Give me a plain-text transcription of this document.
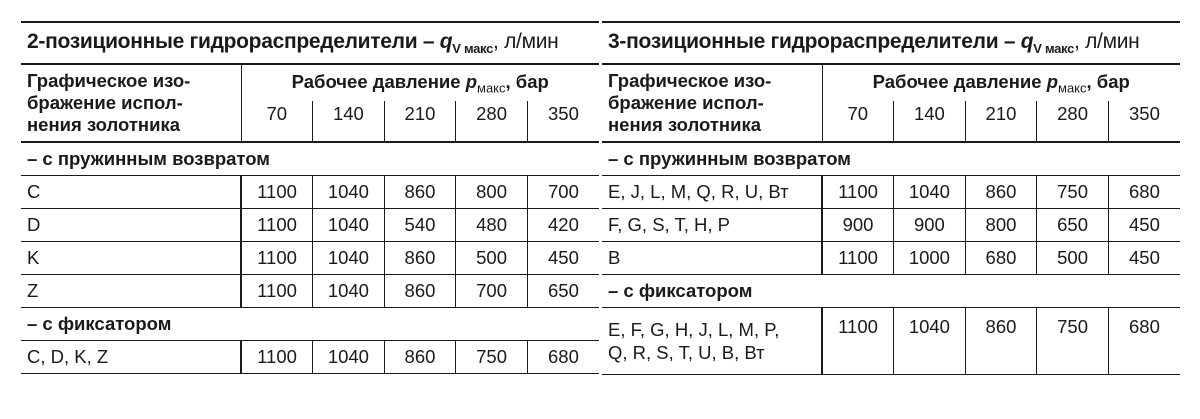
2-позиционные гидрораспределители – $q_{V макс}$, л/мин					

Графическое изо-
бражение испол-
нения золотника	Рабочее давление $p_{макс}$, бар				
	70	140	210	280	350
– с пружинным возвратом					
C	1100	1040	860	800	700
D	1100	1040	540	480	420
K	1100	1040	860	500	450
Z	1100	1040	860	700	650
– с фиксатором					
C, D, K, Z	1100	1040	860	750	680
3-позиционные гидрораспределители – $q_{V макс}$, л/мин					

Графическое изо-
бражение испол-
нения золотника	Рабочее давление $p_{макс}$, бар				
	70	140	210	280	350
– с пружинным возвратом					
E, J, L, M, Q, R, U, Вт	1100	1040	860	750	680
F, G, S, T, H, P	900	900	800	650	450
B	1100	1000	680	500	450
– с фиксатором					

E, F, G, H, J, L, M, P,
Q, R, S, T, U, B, Вт	1100	1040	860	750	680
